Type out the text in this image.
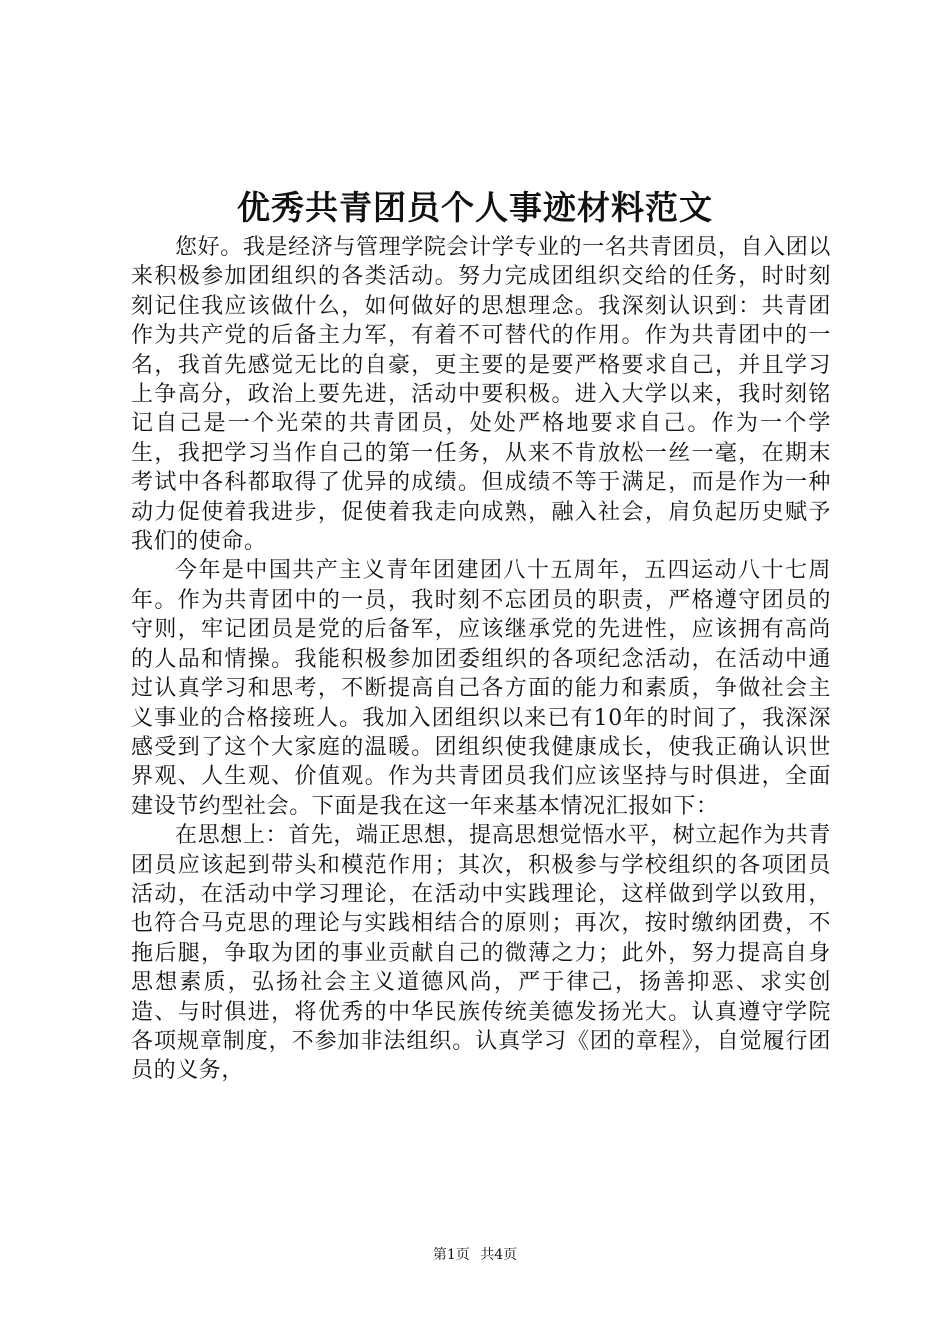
优秀共青团员个人事迹材料范文

您好。我是经济与管理学院会计学专业的一名共青团员，自入团以来积极参加团组织的各类活动。努力完成团组织交给的任务，时时刻刻记住我应该做什么，如何做好的思想理念。我深刻认识到：共青团作为共产党的后备主力军，有着不可替代的作用。作为共青团中的一名，我首先感觉无比的自豪，更主要的是要严格要求自己，并且学习上争高分，政治上要先进，活动中要积极。进入大学以来，我时刻铭记自己是一个光荣的共青团员，处处严格地要求自己。作为一个学生，我把学习当作自己的第一任务，从来不肯放松一丝一毫，在期末考试中各科都取得了优异的成绩。但成绩不等于满足，而是作为一种动力促使着我进步，促使着我走向成熟，融入社会，肩负起历史赋予我们的使命。

今年是中国共产主义青年团建团八十五周年，五四运动八十七周年。作为共青团中的一员，我时刻不忘团员的职责，严格遵守团员的守则，牢记团员是党的后备军，应该继承党的先进性，应该拥有高尚的人品和情操。我能积极参加团委组织的各项纪念活动，在活动中通过认真学习和思考，不断提高自己各方面的能力和素质，争做社会主义事业的合格接班人。我加入团组织以来已有10年的时间了，我深深感受到了这个大家庭的温暖。团组织使我健康成长，使我正确认识世界观、人生观、价值观。作为共青团员我们应该坚持与时俱进，全面建设节约型社会。下面是我在这一年来基本情况汇报如下：

在思想上：首先，端正思想，提高思想觉悟水平，树立起作为共青团员应该起到带头和模范作用；其次，积极参与学校组织的各项团员活动，在活动中学习理论，在活动中实践理论，这样做到学以致用，也符合马克思的理论与实践相结合的原则；再次，按时缴纳团费，不拖后腿，争取为团的事业贡献自己的微薄之力；此外，努力提高自身思想素质，弘扬社会主义道德风尚，严于律己，扬善抑恶、求实创造、与时俱进，将优秀的中华民族传统美德发扬光大。认真遵守学院各项规章制度，不参加非法组织。认真学习《团的章程》，自觉履行团员的义务，

第1页 共4页
